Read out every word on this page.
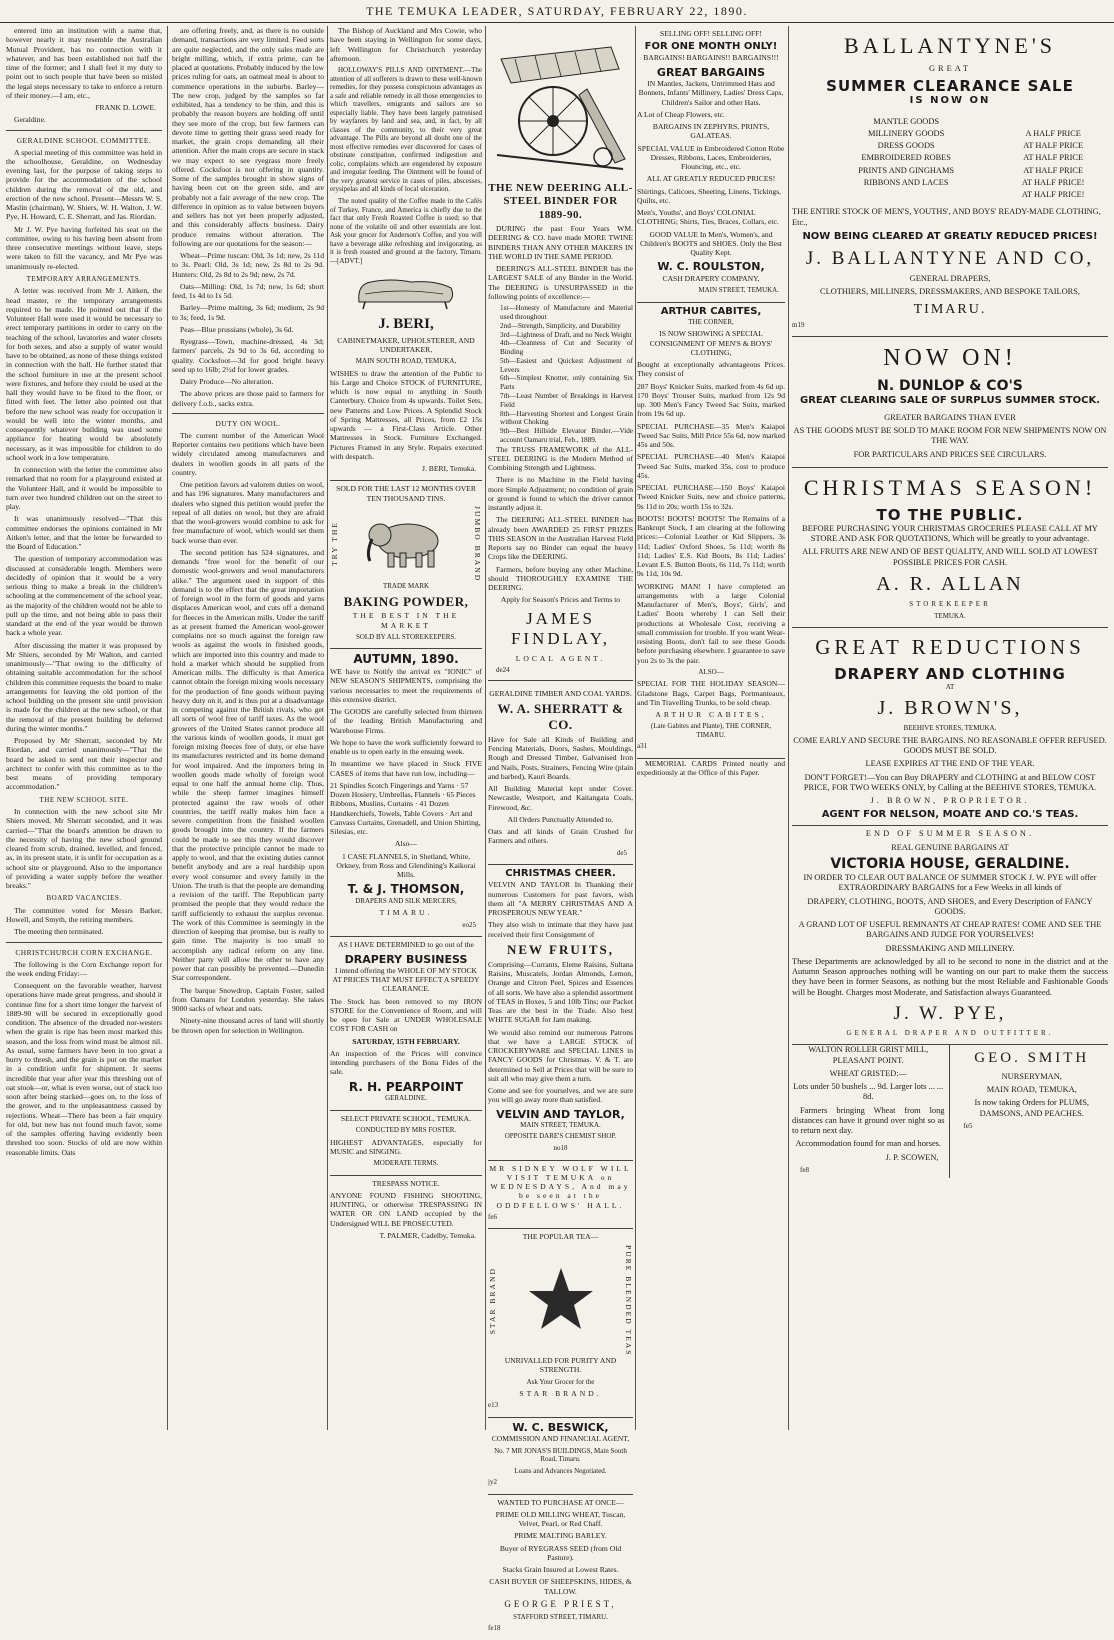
THE TEMUKA LEADER, SATURDAY, FEBRUARY 22, 1890.

entered into an institution with a name that, however nearly it may resemble the Australian Mutual Provident, has no connection with it whatever, and has been established not half the time of the former; and I shall feel it my duty to point out to such people that have been so misled the legal steps necessary to take to enforce a return of their money.—I am, etc.,

FRANK D. LOWE.

Geraldine.

GERALDINE SCHOOL COMMITTEE.

A special meeting of this committee was held in the schoolhouse, Geraldine, on Wednesday evening last, for the purpose of taking steps to provide for the accommodation of the school children during the removal of the old, and erection of the new school. Present—Messrs W. S. Maslin (chairman), W. Shiers, W. H. Walton, J. W. Pye, H. Howard, C. E. Sherratt, and Jas. Riordan.

Mr J. W. Pye having forfeited his seat on the committee, owing to his having been absent from three consecutive meetings without leave, steps were taken to fill the vacancy, and Mr Pye was unanimously re-elected.

TEMPORARY ARRANGEMENTS.

A letter was received from Mr J. Aitken, the head master, re the temporary arrangements required to be made. He pointed out that if the Volunteer Hall were used it would be necessary to erect temporary partitions in order to carry on the teaching of the school, lavatories and water closets for both sexes, and also a supply of water would have to be obtained, as none of these things existed in connection with the hall. He further stated that the school furniture in use at the present school were fixtures, and before they could be used at the hall they would have to be fixed to the floor, or fitted with feet. The letter also pointed out that before the new school was ready for occupation it would be well into the winter months, and consequently whatever building was used some appliance for heating would be absolutely necessary, as it was impossible for children to do school work in a low temperature.

In connection with the letter the committee also remarked that no room for a playground existed at the Volunteer Hall, and it would be impossible to turn over two hundred children out on the street to play.

It was unanimously resolved—"That this committee endorses the opinions contained in Mr Aitken's letter, and that the letter be forwarded to the Board of Education."

The question of temporary accommodation was discussed at considerable length. Members were decidedly of opinion that it would be a very serious thing to make a break in the children's schooling at the commencement of the school year, as the majority of the children would not be able to pull up the time, and not being able to pass their standard at the end of the year would be thrown back a whole year.

After discussing the matter it was proposed by Mr Shiers, seconded by Mr Walton, and carried unanimously—"That owing to the difficulty of obtaining suitable accommodation for the school children this committee requests the board to make arrangements for leaving the old portion of the school building on the present site until provision is made for the children at the new school, or that the removal of the present building be deferred during the winter months."

Proposed by Mr Sherratt, seconded by Mr Riordan, and carried unanimously—"That the board be asked to send out their inspector and architect to confer with this committee as to the best means of providing temporary accommodation."

THE NEW SCHOOL SITE.

In connection with the new school site Mr Shiers moved, Mr Sherratt seconded, and it was carried—"That the board's attention be drawn to the necessity of having the new school ground cleared from scrub, drained, levelled, and fenced, as, in its present state, it is unfit for occupation as a school site or playground. Also to the importance of providing a water supply before the weather breaks."

BOARD VACANCIES.

The committee voted for Messrs Barker, Howell, and Smyth, the retiring members.

The meeting then terminated.

CHRISTCHURCH CORN EXCHANGE.

The following is the Corn Exchange report for the week ending Friday:—

Consequent on the favorable weather, harvest operations have made great progress, and should it continue fine for a short time longer the harvest of 1889-90 will be secured in exceptionally good condition. The absence of the dreaded nor-westers when the grain is ripe has been most marked this season, and the loss from wind must be almost nil. As usual, some farmers have been in too great a hurry to thresh, and the grain is put on the market in a condition unfit for shipment. It seems incredible that year after year this threshing out of oat stook—or, what is even worse, out of stack too soon after being stacked—goes on, to the loss of the grower, and to the unpleasantness caused by rejections. Wheat—There has been a fair enquiry for old, but new has not found much favor, some of the samples offering having evidently been threshed too soon. Stocks of old are now within reasonable limits. Oats

are offering freely, and, as there is no outside demand, transactions are very limited. Feed sorts are quite neglected, and the only sales made are bright milling, which, if extra prime, can be placed at quotations. Probably induced by the low prices ruling for oats, an oatmeal meal is about to commence operations in the suburbs. Barley—The new crop, judged by the samples so far exhibited, has a tendency to be thin, and this is probably the reason buyers are holding off until they see more of the crop, but few farmers can devote time to getting their grass seed ready for market, the grain crops demanding all their attention. After the main crops are secure in stack we may expect to see ryegrass more freely offered. Cocksfoot is not offering in quantity. Some of the samples brought in show signs of having been cut on the green side, and are probably not a fair average of the new crop. The difference in opinion as to value between buyers and sellers has not yet been properly adjusted, and this considerably affects business. Dairy produce remains without alteration. The following are our quotations for the season:—

Wheat—Prime tuscan: Old, 3s 1d; new, 2s 11d to 3s. Pearl: Old, 3s 1d; new, 2s 8d to 2s 9d. Hunters: Old, 2s 8d to 2s 9d; new, 2s 7d.

Oats—Milling: Old, 1s 7d; new, 1s 6d; short feed, 1s 4d to 1s 5d.

Barley—Prime malting, 3s 6d; medium, 2s 9d to 3s; feed, 1s 9d.

Peas—Blue prussians (whole), 3s 6d.

Ryegrass—Town, machine-dressed, 4s 3d; farmers' parcels, 2s 9d to 3s 6d, according to quality. Cocksfoot—3d for good bright heavy seed up to 16lb; 2½d for lower grades.

Dairy Produce—No alteration.

The above prices are those paid to farmers for delivery f.o.b., sacks extra.

DUTY ON WOOL.

The current number of the American Wool Reporter contains two petitions which have been widely circulated among manufacturers and dealers in woollen goods in all parts of the country.

One petition favors ad valorem duties on wool, and has 196 signatures. Many manufacturers and dealers who signed this petition would prefer the repeal of all duties on wool, but they are afraid that the wool-growers would combine to ask for free manufacture of wool, which would set them back worse than ever.

The second petition has 524 signatures, and demands "free wool for the benefit of our domestic wool-growers and wool manufacturers alike." The argument used in support of this demand is to the effect that the great importation of foreign wool in the form of goods and yarns displaces American wool, and cuts off a demand for fleeces in the American mills. Under the tariff as at present framed the American wool-grower complains not so much against the foreign raw wools as against the wools in finished goods, which are imported into this country and made to hold a market which should be supplied from American mills. The difficulty is that America cannot obtain the foreign mixing wools necessary for the production of fine goods without paying heavy duty on it, and is thus put at a disadvantage in competing against the British rivals, who get all sorts of wool free of tariff taxes. As the wool growers of the United States cannot produce all the various kinds of woollen goods, it must get foreign mixing fleeces free of duty, or else have its manufactures restricted and its home demand for wool impaired. And the importers bring in woollen goods made wholly of foreign wool equal to one half the annual home clip. Thus, while the sheep farmer imagines himself protected against the raw wools of other countries, the tariff really makes him face a severe competition from the finished woollen goods brought into the country. If the farmers could be made to see this they would discover that the protective principle cannot be made to apply to wool, and that the existing duties cannot benefit anybody and are a real hardship upon every wool consumer and every family in the Union. The truth is that the people are demanding a revision of the tariff. The Republican party promised the people that they would reduce the tariff sufficiently to exhaust the surplus revenue. The work of this Committee is seemingly in the direction of keeping that promise, but is really to gain time. The majority is too small to accomplish any radical reform on any line. Neither party will allow the other to have any power that can possibly be prevented.—Dunedin Star correspondent.

The barque Snowdrop, Captain Foster, sailed from Oamaru for London yesterday. She takes 9000 sacks of wheat and oats.

Ninety-nine thousand acres of land will shortly be thrown open for selection in Wellington.

The Bishop of Auckland and Mrs Cowie, who have been staying in Wellington for some days, left Wellington for Christchurch yesterday afternoon.

HOLLOWAY'S PILLS AND OINTMENT.—The attention of all sufferers is drawn to these well-known remedies, for they possess conspicuous advantages as a safe and reliable remedy in all those emergencies to which travellers, emigrants and sailors are so especially liable. They have been largely patronised by wayfarers by land and sea, and, in fact, by all classes of the community, to their very great advantage. The Pills are beyond all doubt one of the most effective remedies ever discovered for cases of obstinate constipation, confirmed indigestion and colic, complaints which are engendered by exposure and irregular feeding. The Ointment will be found of the very greatest service in cases of piles, abscesses, erysipelas and all kinds of local ulceration.

The noted quality of the Coffee made in the Cafés of Turkey, France, and America is chiefly due to the fact that only Fresh Roasted Coffee is used; so that none of the volatile oil and other essentials are lost. Ask your grocer for Anderson's Coffee, and you will have a beverage alike refreshing and invigorating, as it is fresh roasted and ground at the factory, Timaru.—[ADVT.]

J. BERI,

CABINETMAKER, UPHOLSTERER, AND UNDERTAKER,

MAIN SOUTH ROAD, TEMUKA,

WISHES to draw the attention of the Public to his Large and Choice STOCK of FURNITURE, which is now equal to anything in South Canterbury. Choice from 4s upwards. Toilet Sets, new Patterns and Low Prices. A Splendid Stock of Spring Mattresses, all Prices, from £2 15s upwards — a First-Class Article. Other Mattresses in Stock. Furniture Exchanged. Pictures Framed in any Style. Repairs executed with despatch.

J. BERI, Temuka.

SOLD FOR THE LAST 12 MONTHS OVER TEN THOUSAND TINS.

TRY THE	JUMBO BRAND

TRADE MARK

BAKING POWDER,

THE BEST IN THE MARKET

SOLD BY ALL STOREKEEPERS.

AUTUMN, 1890.

WE have to Notify the arrival ex "IONIC" of NEW SEASON'S SHIPMENTS, comprising the various necessaries to meet the requirements of this extensive district.

The GOODS are carefully selected from thirteen of the leading British Manufacturing and Warehouse Firms.

We hope to have the work sufficiently forward to enable us to open early in the ensuing week.

In meantime we have placed in Stock FIVE CASES of items that have run low, including—

21 Spindles Scotch Fingerings and Yarns · 57 Dozen Hosiery, Umbrellas, Flannels · 65 Pieces Ribbons, Muslins, Curtains · 41 Dozen Handkerchiefs, Towels, Table Covers · Art and Canvass Curtains, Grenadell, and Union Shirting, Silesias, etc.

Also—

1 CASE FLANNELS, in Shetland, White, Orkney, from Ross and Glendining's Kaikorai Mills.

T. & J. THOMSON,

DRAPERS AND SILK MERCERS,

TIMARU.

eo25

AS I HAVE DETERMINED to go out of the

DRAPERY BUSINESS

I intend offering the WHOLE OF MY STOCK AT PRICES THAT MUST EFFECT A SPEEDY CLEARANCE.

The Stock has been removed to my IRON STORE for the Convenience of Room, and will be open for Sale at UNDER WHOLESALE COST FOR CASH on

SATURDAY, 15TH FEBRUARY.

An inspection of the Prices will convince intending purchasers of the Bona Fides of the sale.

R. H. PEARPOINT

GERALDINE.

SELECT PRIVATE SCHOOL, TEMUKA.

CONDUCTED BY MRS FOSTER.

HIGHEST ADVANTAGES, especially for MUSIC and SINGING.

MODERATE TERMS.

TRESPASS NOTICE.

ANYONE FOUND FISHING SHOOTING, HUNTING, or otherwise TRESPASSING IN WATER OR ON LAND occupied by the Undersigned WILL BE PROSECUTED.

T. PALMER, Cadelby, Temuka.

THE NEW DEERING ALL-STEEL BINDER FOR 1889-90.

DURING the past Four Years WM. DEERING & CO. have made MORE TWINE BINDERS THAN ANY OTHER MAKERS IN THE WORLD IN THE SAME PERIOD.

DEERING'S ALL-STEEL BINDER has the LARGEST SALE of any Binder in the World. The DEERING is UNSURPASSED in the following points of excellence:—

1st—Honesty of Manufacture and Material used throughout
2nd—Strength, Simplicity, and Durability
3rd—Lightness of Draft, and no Neck Weight
4th—Cleanness of Cut and Security of Binding
5th—Easiest and Quickest Adjustment of Levers
6th—Simplest Knotter, only containing Six Parts
7th—Least Number of Breakings in Harvest Field
8th—Harvesting Shortest and Longest Grain without Choking
9th—Best Hillside Elevator Binder.—Vide account Oamaru trial, Feb., 1889.

The TRUSS FRAMEWORK of the ALL-STEEL DEERING is the Modern Method of Combining Strength and Lightness.

There is no Machine in the Field having more Simple Adjustment; no condition of grain or ground is found to which the driver cannot instantly adjust it.

The DEERING ALL-STEEL BINDER has already been AWARDED 25 FIRST PRIZES THIS SEASON in the Australian Harvest Field Reports say no Binder can equal the heavy Crops like the DEERING.

Farmers, before buying any other Machine, should THOROUGHLY EXAMINE THE DEERING.

Apply for Season's Prices and Terms to

JAMES FINDLAY,

LOCAL AGENT.

de24

GERALDINE TIMBER AND COAL YARDS.

W. A. SHERRATT & CO.

Have for Sale all Kinds of Building and Fencing Materials, Doors, Sashes, Mouldings, Rough and Dressed Timber, Galvanised Iron and Nails, Posts, Strainers, Fencing Wire (plain and barbed), Kauri Boards.

All Building Material kept under Cover. Newcastle, Westport, and Kaitangata Coals, Firewood, &c.

All Orders Punctually Attended to.

Oats and all kinds of Grain Crushed for Farmers and others.

de5

CHRISTMAS CHEER.

VELVIN AND TAYLOR In Thanking their numerous Customers for past favors, wish them all "A MERRY CHRISTMAS AND A PROSPEROUS NEW YEAR."

They also wish to intimate that they have just received their first Consignment of

NEW FRUITS,

Comprising—Currants, Eleme Raisins, Sultana Raisins, Muscatels, Jordan Almonds, Lemon, Orange and Citron Peel, Spices and Essences of all sorts. We have also a splendid assortment of TEAS in Boxes, 5 and 10lb Tins; our Packet Teas are the best in the Trade. Also best WHITE SUGAR for Jam making.

We would also remind our numerous Patrons that we have a LARGE STOCK of CROCKERYWARE and SPECIAL LINES in FANCY GOODS for Christmas. V. & T. are determined to Sell at Prices that will be sure to suit all who may give them a turn.

Come and see for yourselves, and we are sure you will go away more than satisfied.

VELVIN AND TAYLOR,

MAIN STREET, TEMUKA.

OPPOSITE DARE'S CHEMIST SHOP.

no18

MR SIDNEY WOLF WILL VISIT TEMUKA on WEDNESDAYS, And may be seen at the ODDFELLOWS' HALL.

fe6

THE POPULAR TEA—

STAR BRAND	PURE BLENDED TEAS

UNRIVALLED FOR PURITY AND STRENGTH.

Ask Your Grocer for the

STAR BRAND.

e13

W. C. BESWICK,

COMMISSION AND FINANCIAL AGENT,

No. 7 MR JONAS'S BUILDINGS, Main South Road, Timaru.

Loans and Advances Negotiated.

jy2

WANTED TO PURCHASE AT ONCE—

PRIME OLD MILLING WHEAT, Tuscan, Velvet, Pearl, or Red Chaff.

PRIME MALTING BARLEY.

Buyer of RYEGRASS SEED (from Old Pasture).

Stacks Grain Insured at Lowest Rates.

CASH BUYER OF SHEEPSKINS, HIDES, & TALLOW.

GEORGE PRIEST,

STAFFORD STREET, TIMARU.

fe18

SELLING OFF! SELLING OFF!

FOR ONE MONTH ONLY!

BARGAINS! BARGAINS!! BARGAINS!!!

GREAT BARGAINS

IN Mantles, Jackets, Untrimmed Hats and Bonnets, Infants' Millinery, Ladies' Dress Caps, Children's Sailor and other Hats.

A Lot of Cheap Flowers, etc.

BARGAINS IN ZEPHYRS, PRINTS, GALATEAS.

SPECIAL VALUE in Embroidered Cotton Robe Dresses, Ribbons, Laces, Embroideries, Flouncing, etc., etc.

ALL AT GREATLY REDUCED PRICES!

Shirtings, Calicoes, Sheeting, Linens, Tickings, Quilts, etc.

Men's, Youths', and Boys' COLONIAL CLOTHING; Shirts, Ties, Braces, Collars, etc.

GOOD VALUE In Men's, Women's, and Children's BOOTS and SHOES. Only the Best Quality Kept.

W. C. ROULSTON,

CASH DRAPERY COMPANY,

MAIN STREET, TEMUKA.

ARTHUR CABITES,

THE CORNER,

IS NOW SHOWING A SPECIAL CONSIGNMENT OF MEN'S & BOYS' CLOTHING,

Bought at exceptionally advantageous Prices. They consist of

287 Boys' Knicker Suits, marked from 4s 6d up. 170 Boys' Trouser Suits, marked from 12s 9d up. 300 Men's Fancy Tweed Sac Suits, marked from 19s 6d up.

SPECIAL PURCHASE—35 Men's Kaiapoi Tweed Sac Suits, Mill Price 55s 6d, now marked 45s and 50s.

SPECIAL PURCHASE—40 Men's Kaiapoi Tweed Sac Suits, marked 35s, cost to produce 45s.

SPECIAL PURCHASE—150 Boys' Kaiapoi Tweed Knicker Suits, new and choice patterns, 9s 11d to 20s; worth 15s to 32s.

BOOTS! BOOTS! BOOTS! The Remains of a Bankrupt Stock, I am clearing at the following prices:—Colonial Leather or Kid Slippers, 3s 11d; Ladies' Oxford Shoes, 5s 11d; worth 8s 11d; Ladies' E.S. Kid Boots, 8s 11d; Ladies' Levant E.S. Button Boots, 6s 11d, 7s 11d; worth 9s 11d, 10s 9d.

WORKING MAN! I have completed an arrangements with a large Colonial Manufacturer of Men's, Boys', Girls', and Ladies' Boots whereby I can Sell their productions at Wholesale Cost, receiving a small commission for trouble. If you want Wear-resisting Boots, don't fail to see these Goods before purchasing elsewhere. I guarantee to save you 2s to 3s the pair.

ALSO—

SPECIAL FOR THE HOLIDAY SEASON—Gladstone Bags, Carpet Bags, Portmanteaux, and Tin Travelling Trunks, to be sold cheap.

ARTHUR CABITES,

(Late Gabites and Plante), THE CORNER, TIMARU.

a31

MEMORIAL CARDS Printed neatly and expeditiously at the Office of this Paper.

BALLANTYNE'S

GREAT

SUMMER CLEARANCE SALE
IS NOW ON
MANTLE GOODS	
MILLINERY GOODS	A HALF PRICE
DRESS GOODS	AT HALF PRICE
EMBROIDERED ROBES	AT HALF PRICE
PRINTS AND GINGHAMS	AT HALF PRICE
RIBBONS AND LACES	AT HALF PRICE!
	AT HALF PRICE!

THE ENTIRE STOCK OF MEN'S, YOUTHS', AND BOYS' READY-MADE CLOTHING, Etc.,

NOW BEING CLEARED AT GREATLY REDUCED PRICES!
J. BALLANTYNE AND CO,

GENERAL DRAPERS,

CLOTHIERS, MILLINERS, DRESSMAKERS, AND BESPOKE TAILORS,

TIMARU.

m19

NOW ON!
N. DUNLOP & CO'S
GREAT CLEARING SALE OF SURPLUS SUMMER STOCK.

GREATER BARGAINS THAN EVER

AS THE GOODS MUST BE SOLD TO MAKE ROOM FOR NEW SHIPMENTS NOW ON THE WAY.

FOR PARTICULARS AND PRICES SEE CIRCULARS.

CHRISTMAS SEASON!
TO THE PUBLIC.

BEFORE PURCHASING YOUR CHRISTMAS GROCERIES PLEASE CALL AT MY STORE AND ASK FOR QUOTATIONS, Which will be greatly to your advantage.

ALL FRUITS ARE NEW AND OF BEST QUALITY, AND WILL SOLD AT LOWEST POSSIBLE PRICES FOR CASH.

A. R. ALLAN

STOREKEEPER

TEMUKA.

GREAT REDUCTIONS
DRAPERY AND CLOTHING

AT

J. BROWN'S,

BEEHIVE STORES, TEMUKA.

COME EARLY AND SECURE THE BARGAINS. NO REASONABLE OFFER REFUSED. GOODS MUST BE SOLD.

LEASE EXPIRES AT THE END OF THE YEAR.

DON'T FORGET!—You can Buy DRAPERY and CLOTHING at and BELOW COST PRICE, FOR TWO WEEKS ONLY, by Calling at the BEEHIVE STORES, TEMUKA.

J. BROWN, PROPRIETOR.

AGENT FOR NELSON, MOATE AND CO.'S TEAS.

END OF SUMMER SEASON.

REAL GENUINE BARGAINS AT

VICTORIA HOUSE, GERALDINE.

IN ORDER TO CLEAR OUT BALANCE OF SUMMER STOCK J. W. PYE will offer EXTRAORDINARY BARGAINS for a Few Weeks in all kinds of

DRAPERY, CLOTHING, BOOTS, AND SHOES, and Every Description of FANCY GOODS.

A GRAND LOT OF USEFUL REMNANTS AT CHEAP RATES! COME AND SEE THE BARGAINS AND JUDGE FOR YOURSELVES!

DRESSMAKING AND MILLINERY.

These Departments are acknowledged by all to be second to none in the district and at the Autumn Season approaches nothing will be wanting on our part to make them the success they have been in former Seasons, as nothing but the most Reliable and Fashionable Goods will be Bought. Charges most Moderate, and Satisfaction always Guaranteed.

J. W. PYE,

GENERAL DRAPER AND OUTFITTER.

WALTON ROLLER GRIST MILL, PLEASANT POINT.

WHEAT GRISTED:—

Lots under 50 bushels ... 9d. Larger lots ... ... 8d.

Farmers bringing Wheat from long distances can have it ground over night so as to return next day.

Accommodation found for man and horses.

J. P. SCOWEN,

fe8

GEO. SMITH

NURSERYMAN,

MAIN ROAD, TEMUKA,

Is now taking Orders for PLUMS, DAMSONS, AND PEACHES.

fe5
